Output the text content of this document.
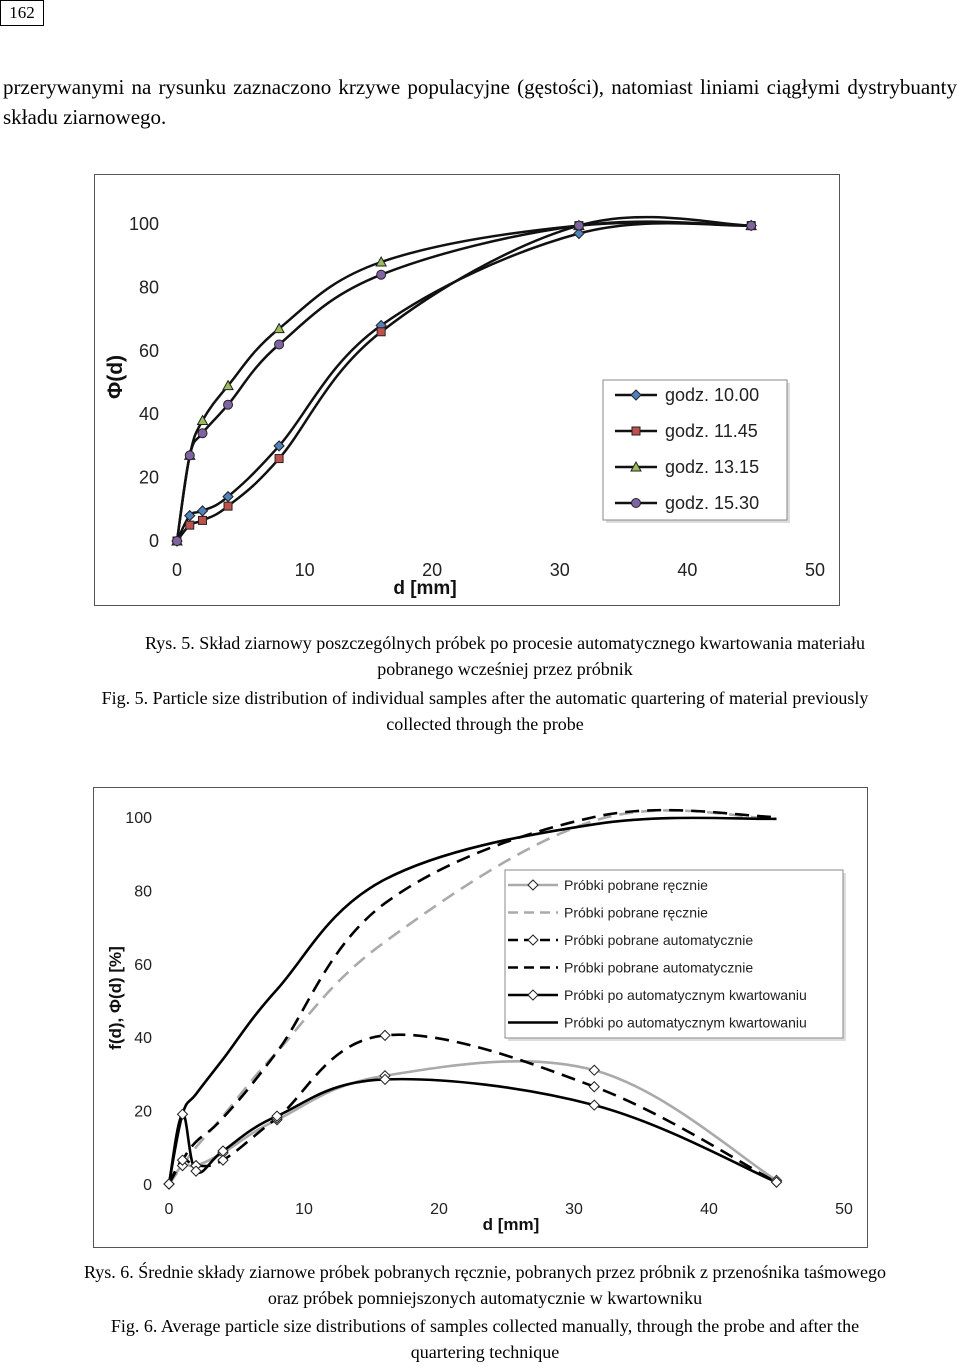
162
przerywanymi na rysunku zaznaczono krzywe populacyjne (gęstości), natomiast liniami ciągłymi dystrybuanty składu ziarnowego.
0
20
40
60
80
100
0	10	20	30	40	50
d [mm]
Φ(d)	godz. 10.00
godz. 11.45
godz. 13.15
godz. 15.30
Rys. 5. Skład ziarnowy poszczególnych próbek po procesie automatycznego kwartowania materiału pobranego wcześniej przez próbnik
Fig. 5. Particle size distribution of individual samples after the automatic quartering of material previously collected through the probe
0
20
40
60
80
100
0	10	20	30	40	50
d [mm]
f(d), Φ(d) [%]
Próbki pobrane ręcznie
Próbki pobrane ręcznie
Próbki pobrane automatycznie
Próbki pobrane automatycznie
Próbki po automatycznym kwartowaniu
Próbki po automatycznym kwartowaniu
Rys. 6. Średnie składy ziarnowe próbek pobranych ręcznie, pobranych przez próbnik z przenośnika taśmowego oraz próbek pomniejszonych automatycznie w kwartowniku
Fig. 6. Average particle size distributions of samples collected manually, through the probe and after the quartering technique
